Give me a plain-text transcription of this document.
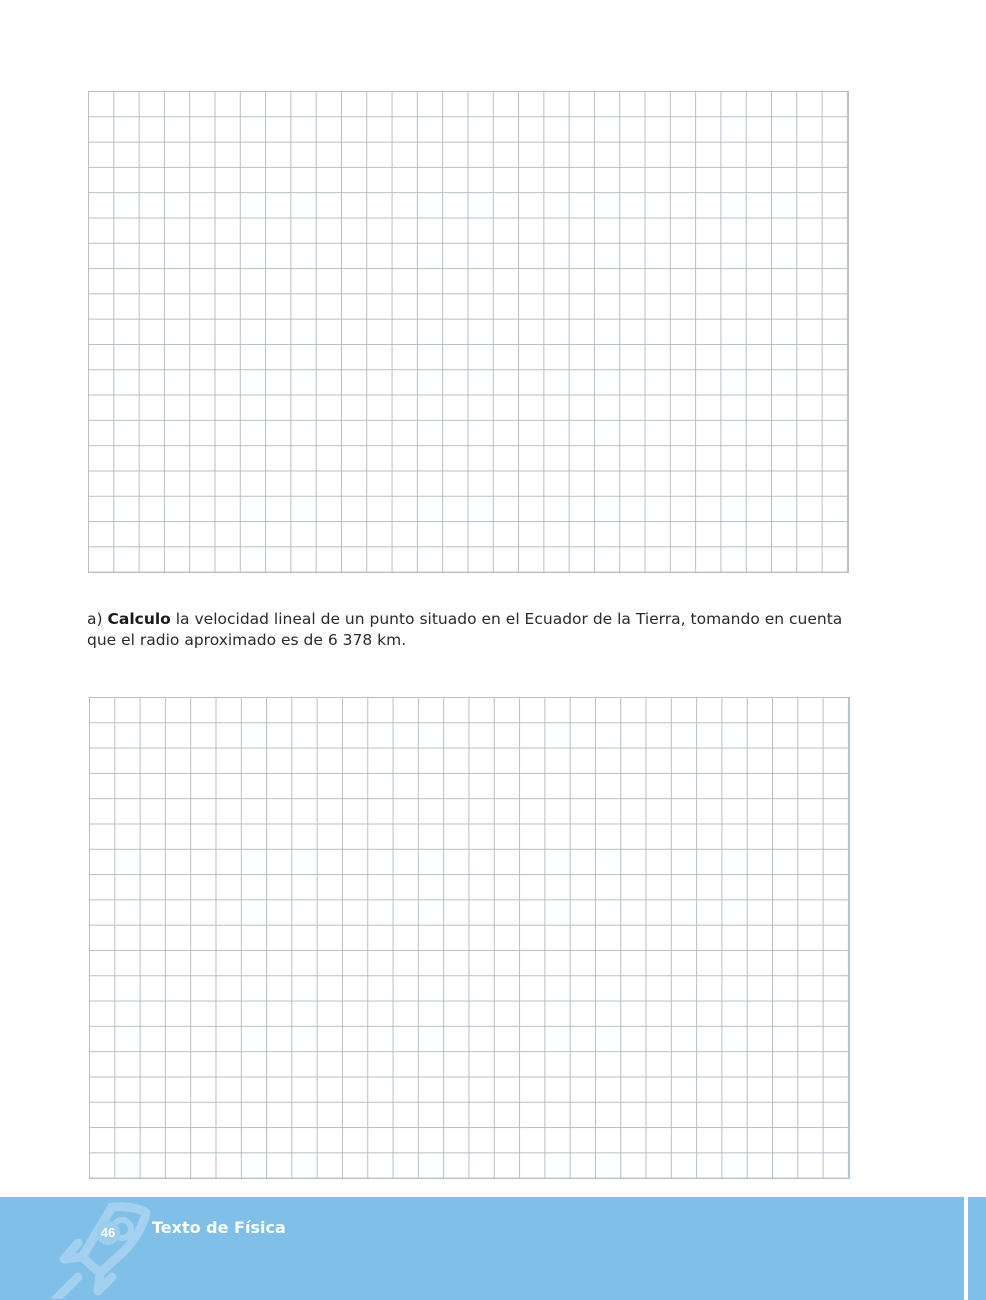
a) Calculo la velocidad lineal de un punto situado en el Ecuador de la Tierra, tomando en cuenta que el radio aproximado es de 6 378 km.

46 Texto de Física
